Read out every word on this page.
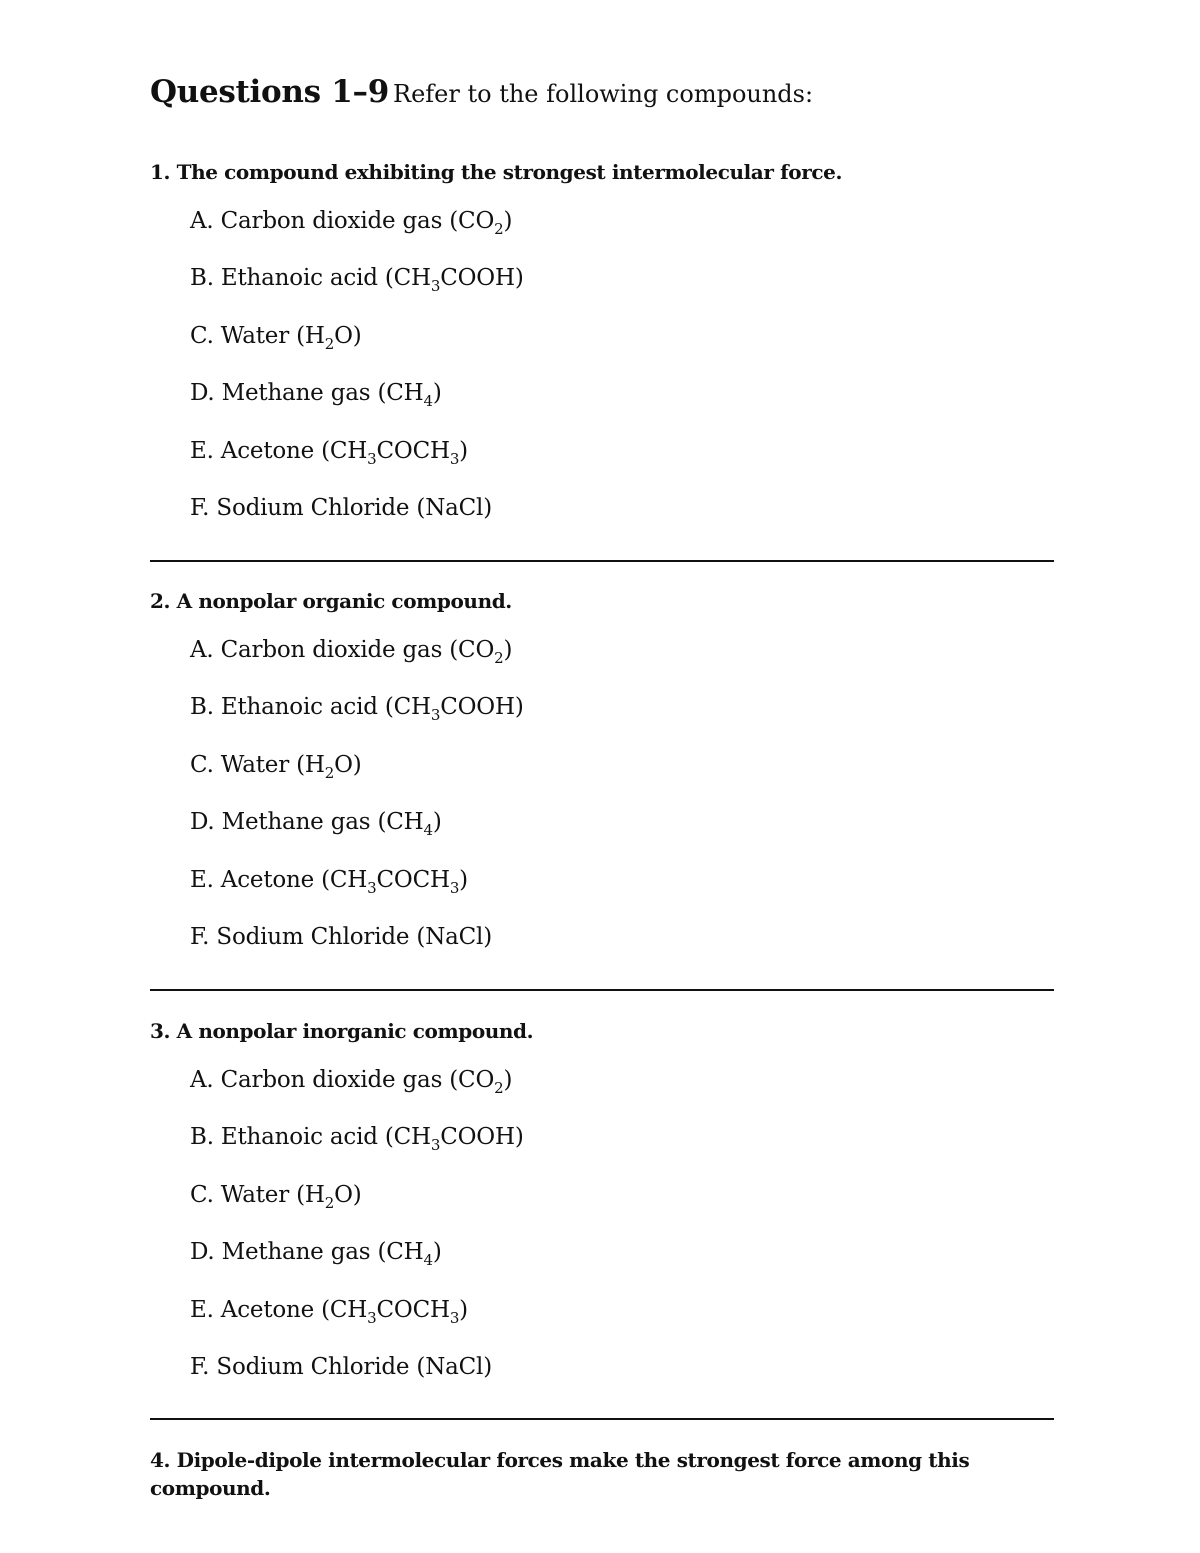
Questions 1–9 Refer to the following compounds:

1. The compound exhibiting the strongest intermolecular force.

A. Carbon dioxide gas $(CO_2)$
B. Ethanoic acid $(CH_3COOH)$
C. Water $(H_2O)$
D. Methane gas $(CH_4)$
E. Acetone $(CH_3COCH_3)$
F. Sodium Chloride (NaCl)

2. A nonpolar organic compound.

A. Carbon dioxide gas $(CO_2)$
B. Ethanoic acid $(CH_3COOH)$
C. Water $(H_2O)$
D. Methane gas $(CH_4)$
E. Acetone $(CH_3COCH_3)$
F. Sodium Chloride (NaCl)

3. A nonpolar inorganic compound.

A. Carbon dioxide gas $(CO_2)$
B. Ethanoic acid $(CH_3COOH)$
C. Water $(H_2O)$
D. Methane gas $(CH_4)$
E. Acetone $(CH_3COCH_3)$
F. Sodium Chloride (NaCl)

4. Dipole-dipole intermolecular forces make the strongest force among this compound.
